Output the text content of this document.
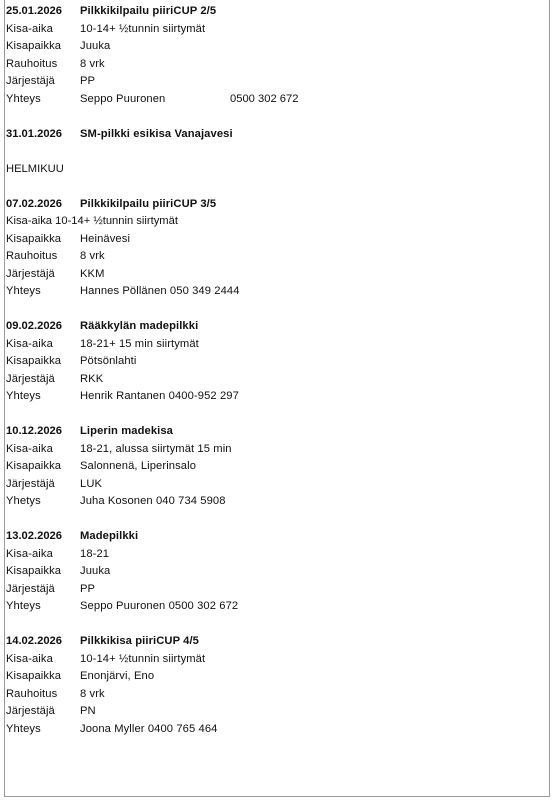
25.01.2026 Pilkkikilpailu piiriCUP 2/5
Kisa-aika 10-14+ ½tunnin siirtymät
Kisapaikka Juuka
Rauhoitus 8 vrk
Järjestäjä PP
Yhteys	Seppo Puuronen	0500 302 672
31.01.2026 SM-pilkki esikisa Vanajavesi
HELMIKUU
07.02.2026 Pilkkikilpailu piiriCUP 3/5
Kisa-aika 10-14+ ½tunnin siirtymät
Kisapaikka Heinävesi
Rauhoitus 8 vrk
Järjestäjä KKM
Yhteys	Hannes Pöllänen 050 349 2444
09.02.2026 Rääkkylän madepilkki
Kisa-aika 18-21+ 15 min siirtymät
Kisapaikka Pötsönlahti
Järjestäjä RKK
Yhteys	Henrik Rantanen 0400-952 297
10.12.2026 Liperin madekisa
Kisa-aika 18-21, alussa siirtymät 15 min
Kisapaikka Salonnenä, Liperinsalo
Järjestäjä LUK
Yhetys	Juha Kosonen 040 734 5908
13.02.2026 Madepilkki
Kisa-aika 18-21
Kisapaikka Juuka
Järjestäjä PP
Yhteys	Seppo Puuronen 0500 302 672
14.02.2026 Pilkkikisa piiriCUP 4/5
Kisa-aika 10-14+ ½tunnin siirtymät
Kisapaikka Enonjärvi, Eno
Rauhoitus 8 vrk
Järjestäjä PN
Yhteys	Joona Myller 0400 765 464
